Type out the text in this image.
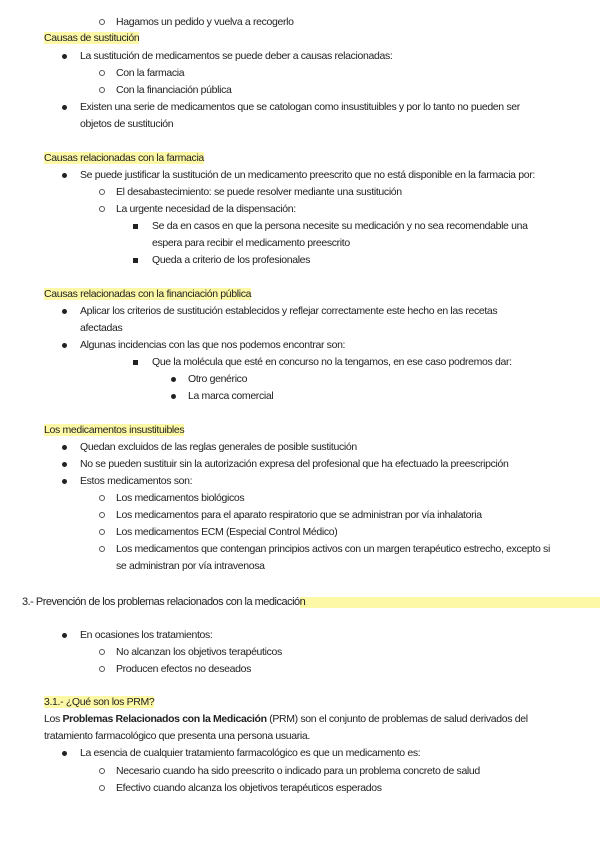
Hagamos un pedido y vuelva a recogerlo
Causas de sustitución
La sustitución de medicamentos se puede deber a causas relacionadas:
Con la farmacia
Con la financiación pública
Existen una serie de medicamentos que se catologan como insustituibles y por lo tanto no pueden ser
objetos de sustitución
Causas relacionadas con la farmacia
Se puede justificar la sustitución de un medicamento preescrito que no está disponible en la farmacia por:
El desabastecimiento: se puede resolver mediante una sustitución
La urgente necesidad de la dispensación:
Se da en casos en que la persona necesite su medicación y no sea recomendable una
espera para recibir el medicamento preescrito
Queda a criterio de los profesionales
Causas relacionadas con la financiación pública
Aplicar los criterios de sustitución establecidos y reflejar correctamente este hecho en las recetas
afectadas
Algunas incidencias con las que nos podemos encontrar son:
Que la molécula que esté en concurso no la tengamos, en ese caso podremos dar:
Otro genérico
La marca comercial
Los medicamentos insustituibles
Quedan excluidos de las reglas generales de posible sustitución
No se pueden sustituir sin la autorización expresa del profesional que ha efectuado la preescripción
Estos medicamentos son:
Los medicamentos biológicos
Los medicamentos para el aparato respiratorio que se administran por vía inhalatoria
Los medicamentos ECM (Especial Control Médico)
Los medicamentos que contengan principios activos con un margen terapéutico estrecho, excepto si
se administran por vía intravenosa
3.- Prevención de los problemas relacionados con la medicación
En ocasiones los tratamientos:
No alcanzan los objetivos terapéuticos
Producen efectos no deseados
3.1.- ¿Qué son los PRM?
Los Problemas Relacionados con la Medicación (PRM) son el conjunto de problemas de salud derivados del
tratamiento farmacológico que presenta una persona usuaria.
La esencia de cualquier tratamiento farmacológico es que un medicamento es:
Necesario cuando ha sido preescrito o indicado para un problema concreto de salud
Efectivo cuando alcanza los objetivos terapéuticos esperados
